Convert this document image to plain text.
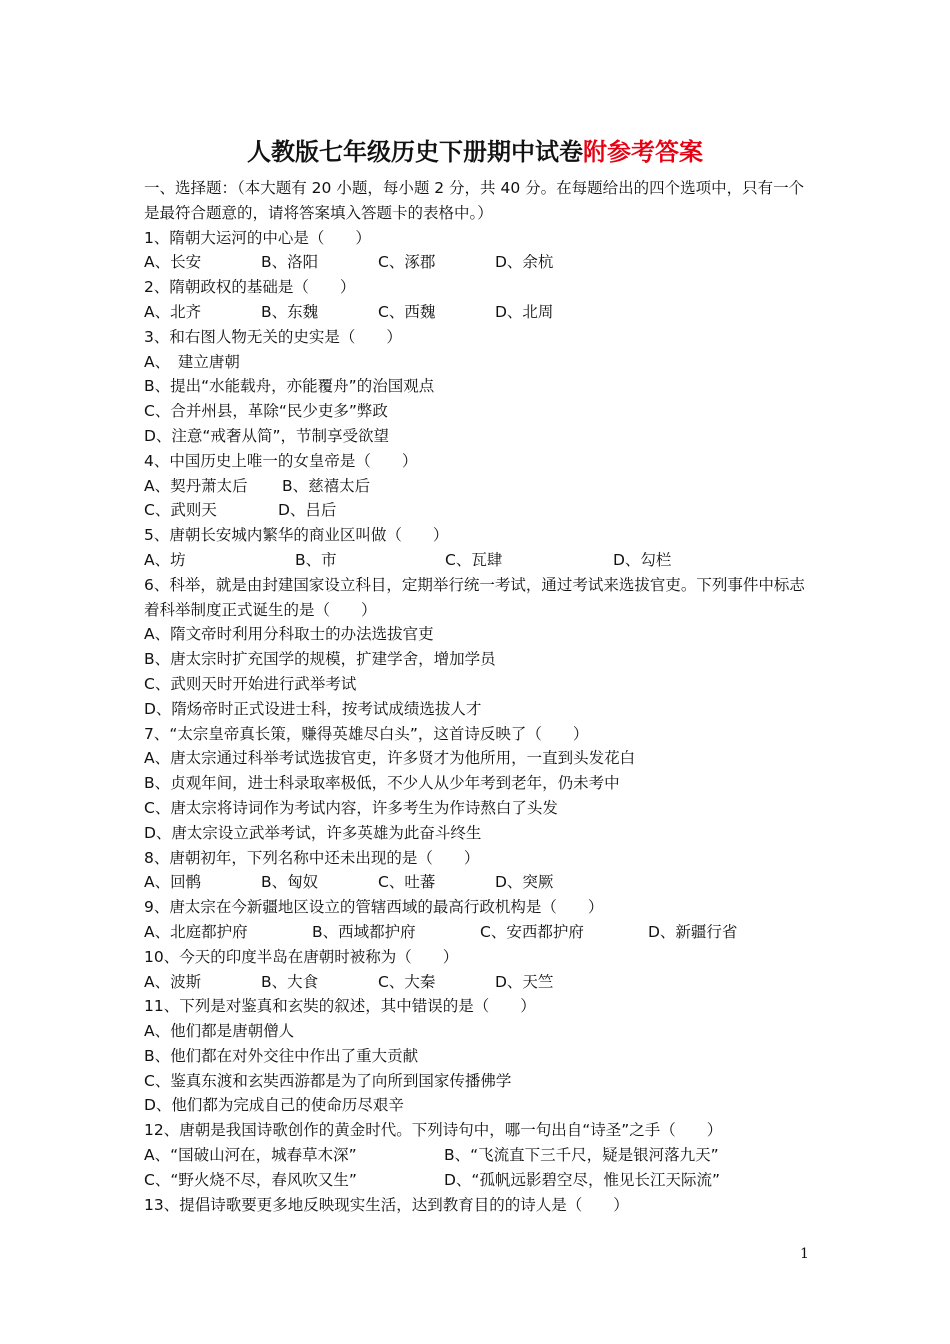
人教版七年级历史下册期中试卷附参考答案
一、选择题：（本大题有 20 小题，每小题 2 分，共 40 分。在每题给出的四个选项中，只有一个是最符合题意的，请将答案填入答题卡的表格中。）
1、隋朝大运河的中心是（　　）
A、长安	B、洛阳	C、涿郡	D、余杭
2、隋朝政权的基础是（　　）
A、北齐	B、东魏	C、西魏	D、北周
3、和右图人物无关的史实是（　　）
A、　建立唐朝
B、提出“水能载舟，亦能覆舟”的治国观点
C、合并州县，革除“民少吏多”弊政
D、注意“戒奢从简”，节制享受欲望
4、中国历史上唯一的女皇帝是（　　）
A、契丹萧太后 B、慈禧太后
C、武则天	D、吕后
5、唐朝长安城内繁华的商业区叫做（　　）
A、坊	B、市	C、瓦肆	D、勾栏
6、科举，就是由封建国家设立科目，定期举行统一考试，通过考试来选拔官吏。下列事件中标志着科举制度正式诞生的是（　　）
A、隋文帝时利用分科取士的办法选拔官吏
B、唐太宗时扩充国学的规模，扩建学舍，增加学员
C、武则天时开始进行武举考试
D、隋炀帝时正式设进士科，按考试成绩选拔人才
7、“太宗皇帝真长策，赚得英雄尽白头”，这首诗反映了（　　）
A、唐太宗通过科举考试选拔官吏，许多贤才为他所用，一直到头发花白
B、贞观年间，进士科录取率极低，不少人从少年考到老年，仍未考中
C、唐太宗将诗词作为考试内容，许多考生为作诗熬白了头发
D、唐太宗设立武举考试，许多英雄为此奋斗终生
8、唐朝初年，下列名称中还未出现的是（　　）
A、回鹘	B、匈奴	C、吐蕃	D、突厥
9、唐太宗在今新疆地区设立的管辖西域的最高行政机构是（　　）
A、北庭都护府	B、西域都护府	C、安西都护府	D、新疆行省
10、今天的印度半岛在唐朝时被称为（　　）
A、波斯	B、大食	C、大秦	D、天竺
11、下列是对鉴真和玄奘的叙述，其中错误的是（　　）
A、他们都是唐朝僧人
B、他们都在对外交往中作出了重大贡献
C、鉴真东渡和玄奘西游都是为了向所到国家传播佛学
D、他们都为完成自己的使命历尽艰辛
12、唐朝是我国诗歌创作的黄金时代。下列诗句中，哪一句出自“诗圣”之手（　　）
A、“国破山河在，城春草木深”	B、“飞流直下三千尺，疑是银河落九天”
C、“野火烧不尽，春风吹又生”	D、“孤帆远影碧空尽，惟见长江天际流”
13、提倡诗歌要更多地反映现实生活，达到教育目的的诗人是（　　）
1
